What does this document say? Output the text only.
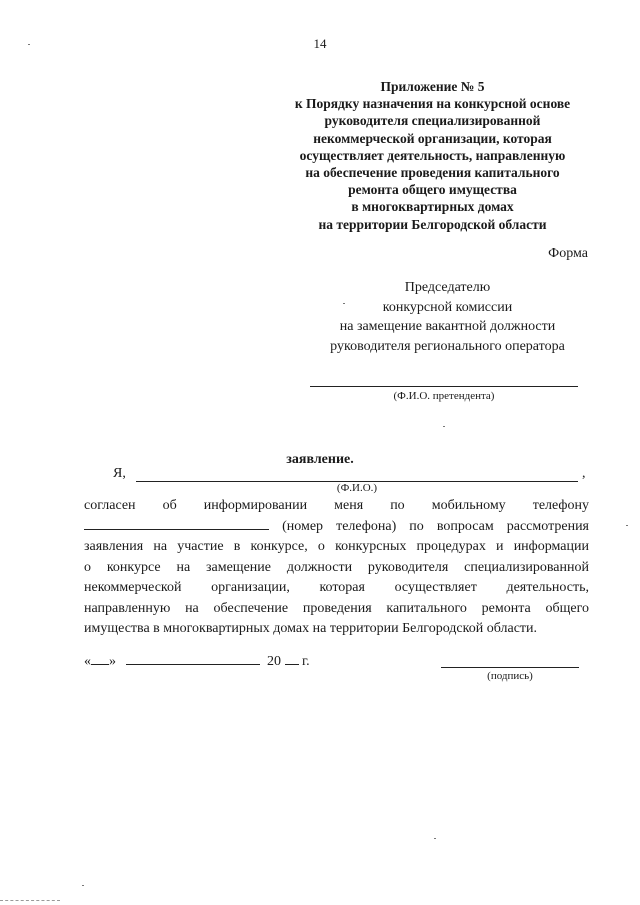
14
Приложение № 5
к Порядку назначения на конкурсной основе
руководителя специализированной
некоммерческой организации, которая
осуществляет деятельность, направленную
на обеспечение проведения капитального
ремонта общего имущества
в многоквартирных домах
на территории Белгородской области
Форма
Председателю
конкурсной комиссии
на замещение вакантной должности
руководителя регионального оператора
(Ф.И.О. претендента)
заявление.
Я,	,
(Ф.И.О.)
согласен об информировании меня по мобильному телефону
(номер телефона) по вопросам рассмотрения
заявления на участие в конкурсе, о конкурсных процедурах и информации
о конкурсе на замещение должности руководителя специализированной
некоммерческой организации, которая осуществляет деятельность,
направленную на обеспечение проведения капитального ремонта общего
имущества в многоквартирных домах на территории Белгородской области.
« »	20 г.
(подпись)
